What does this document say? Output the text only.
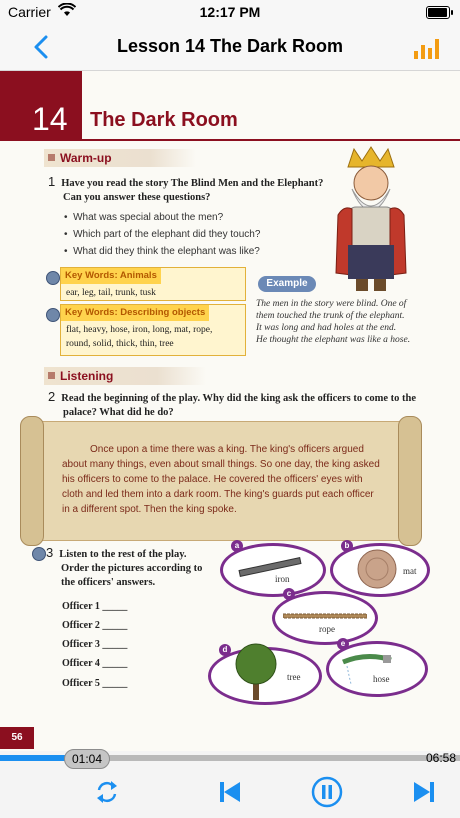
Carrier	12:17 PM
Lesson 14 The Dark Room
14 The Dark Room
Warm-up
1 Have you read the story The Blind Men and the Elephant?
Can you answer these questions?
•  What was special about the men?
•  Which part of the elephant did they touch?
•  What did they think the elephant was like?
Key Words: Animals
ear, leg, tail, trunk, tusk
Key Words: Describing objects
flat, heavy, hose, iron, long, mat, rope,
round, solid, thick, thin, tree
Example
The men in the story were blind. One of
them touched the trunk of the elephant.
It was long and had holes at the end.
He thought the elephant was like a hose.
Listening
2 Read the beginning of the play. Why did the king ask the officers to come to the
palace? What did he do?
Once upon a time there was a king. The king's officers argued about many things, even about small things. So one day, the king asked his officers to come to the palace. He covered the officers' eyes with cloth and led them into a dark room. The king's guards put each officer in a different spot. Then the king spoke.
3 Listen to the rest of the play.
Order the pictures according to
the officers' answers.
Officer 1 _____
Officer 2 _____
Officer 3 _____
Officer 4 _____
Officer 5 _____
a
iron
b
mat
c
rope
d
tree
e
hose
56
01:04	06:58
